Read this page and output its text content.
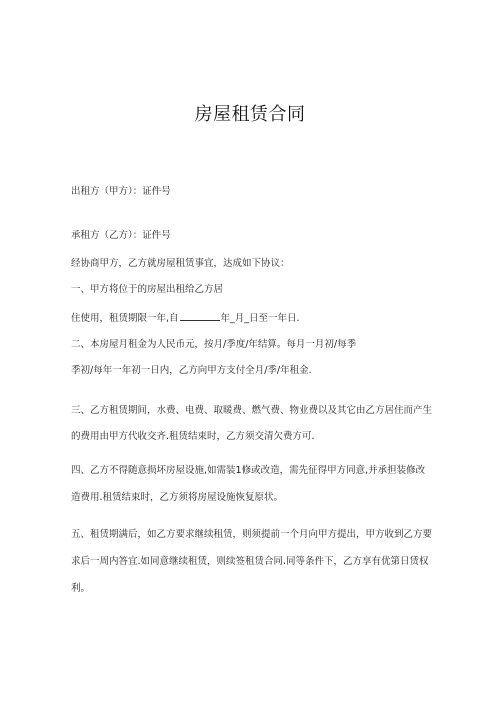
房屋租赁合同
出租方（甲方）：证件号
承租方（乙方）：证件号
经协商甲方，乙方就房屋租赁事宜，达成如下协议：
一、甲方将位于的房屋出租给乙方居
住使用，租赁期限一年,自	年_月_日至一年日.
二、本房屋月租金为人民币元，按月/季度/年结算。每月一月初/每季
季初/每年一年初一日内，乙方向甲方支付全月/季/年租金.
三、乙方租赁期间，水费、电费、取暖费、燃气费、物业费以及其它由乙方居住而产生
的费用由甲方代收交齐.租赁结束时，乙方须交清欠费方可.
四、乙方不得随意损坏房屋设施,如需装1修或改造，需先征得甲方同意,并承担装修改
造费用.租赁结束时，乙方须将房屋设施恢复原状。
五、租赁期满后，如乙方要求继续租赁，则须提前一个月向甲方提出，甲方收到乙方要
求后一周内答宜.如同意继续租赁，则续签租赁合同.同等条件下，乙方享有优第日赁权
利。
